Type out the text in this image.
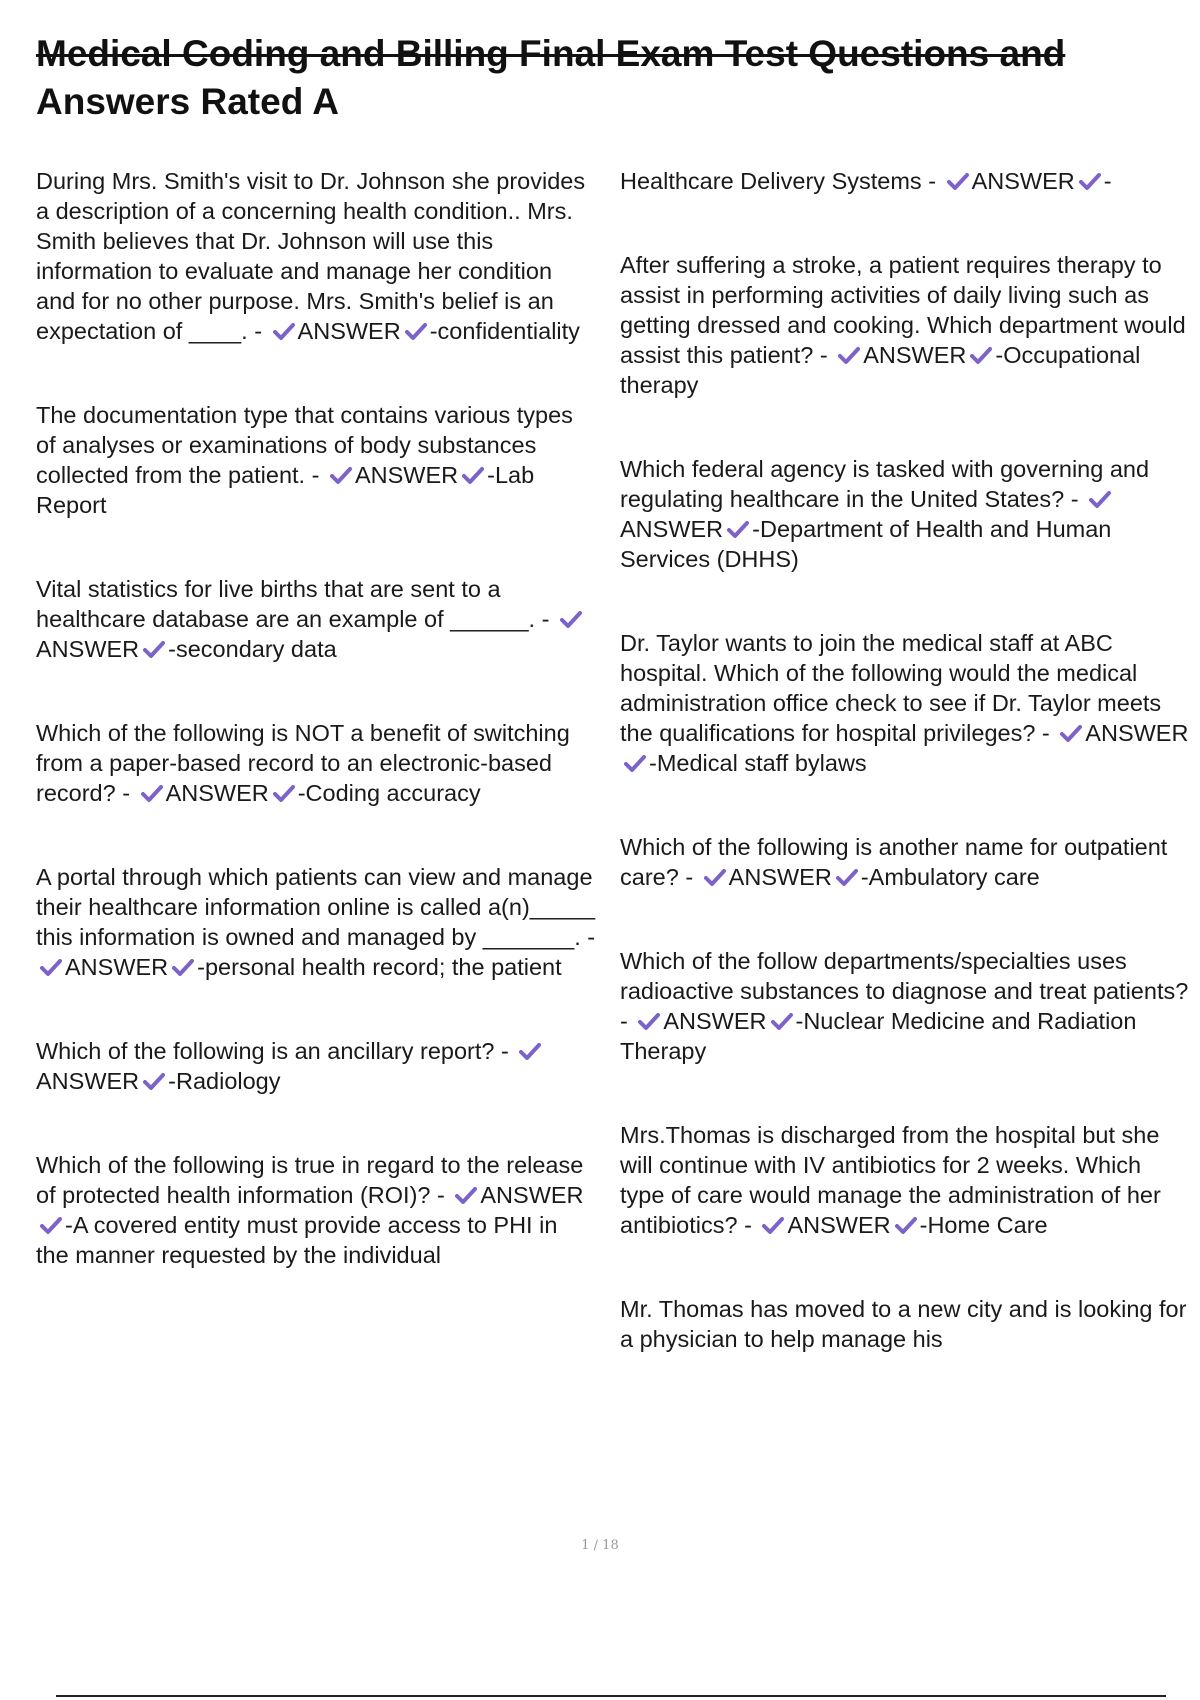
Medical Coding and Billing Final Exam Test Questions and
Answers Rated A

During Mrs. Smith's visit to Dr. Johnson she provides a description of a concerning health condition.. Mrs. Smith believes that Dr. Johnson will use this information to evaluate and manage her condition and for no other purpose. Mrs. Smith's belief is an expectation of ____. - ANSWER -confidentiality

The documentation type that contains various types of analyses or examinations of body substances collected from the patient. - ANSWER -Lab Report

Vital statistics for live births that are sent to a healthcare database are an example of ______. -
ANSWER -secondary data

Which of the following is NOT a benefit of switching from a paper-based record to an electronic-based record? - ANSWER -Coding accuracy

A portal through which patients can view and manage their healthcare information online is called a(n)_____ this information is owned and managed by _______. -
ANSWER -personal health record; the patient

Which of the following is an ancillary report? -
ANSWER -Radiology

Which of the following is true in regard to the release of protected health information (ROI)? - ANSWER
-A covered entity must provide access to PHI in the manner requested by the individual

Healthcare Delivery Systems - ANSWER -

After suffering a stroke, a patient requires therapy to assist in performing activities of daily living such as getting dressed and cooking. Which department would assist this patient? - ANSWER -Occupational therapy

Which federal agency is tasked with governing and regulating healthcare in the United States? -
ANSWER -Department of Health and Human Services (DHHS)

Dr. Taylor wants to join the medical staff at ABC hospital. Which of the following would the medical administration office check to see if Dr. Taylor meets the qualifications for hospital privileges? - ANSWER
-Medical staff bylaws

Which of the following is another name for outpatient care? - ANSWER -Ambulatory care

Which of the follow departments/specialties uses radioactive substances to diagnose and treat patients? - ANSWER -Nuclear Medicine and Radiation Therapy

Mrs.Thomas is discharged from the hospital but she will continue with IV antibiotics for 2 weeks. Which type of care would manage the administration of her antibiotics? - ANSWER -Home Care

Mr. Thomas has moved to a new city and is looking for a physician to help manage his

1 / 18
